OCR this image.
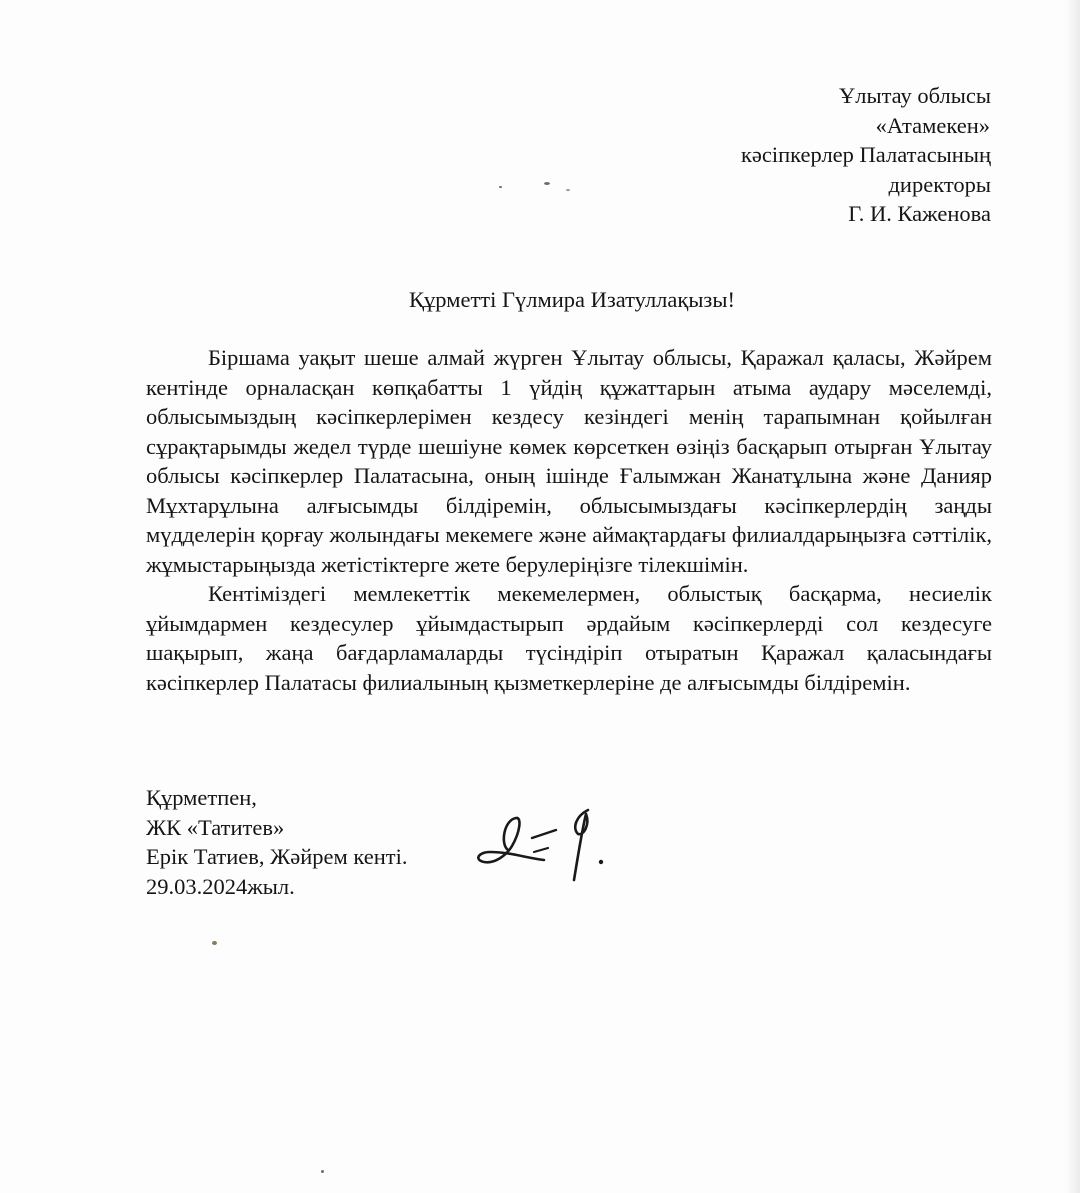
Ұлытау облысы
«Атамекен»
кәсіпкерлер Палатасының
директоры
Г. И. Каженова
Құрметті Гүлмира Изатуллақызы!

Біршама уақыт шеше алмай жүрген Ұлытау облысы, Қаражал қаласы, Жәйрем кентінде орналасқан көпқабатты 1 үйдің құжаттарын атыма аудару мәселемді, облысымыздың кәсіпкерлерімен кездесу кезіндегі менің тарапымнан қойылған сұрақтарымды жедел түрде шешіуне көмек көрсеткен өзіңіз басқарып отырған Ұлытау облысы кәсіпкерлер Палатасына, оның ішінде Ғалымжан Жанатұлына және Данияр Мұхтарұлына алғысымды білдіремін, облысымыздағы кәсіпкерлердің заңды мүдделерін қорғау жолындағы мекемеге және аймақтардағы филиалдарыңызға сәттілік, жұмыстарыңызда жетістіктерге жете берулеріңізге тілекшімін.

Кентіміздегі мемлекеттік мекемелермен, облыстық басқарма, несиелік ұйымдармен кездесулер ұйымдастырып әрдайым кәсіпкерлерді сол кездесуге шақырып, жаңа бағдарламаларды түсіндіріп отыратын Қаражал қаласындағы кәсіпкерлер Палатасы филиалының қызметкерлеріне де алғысымды білдіремін.

Құрметпен,
ЖК «Татитев»
Ерік Татиев, Жәйрем кенті.
29.03.2024жыл.
